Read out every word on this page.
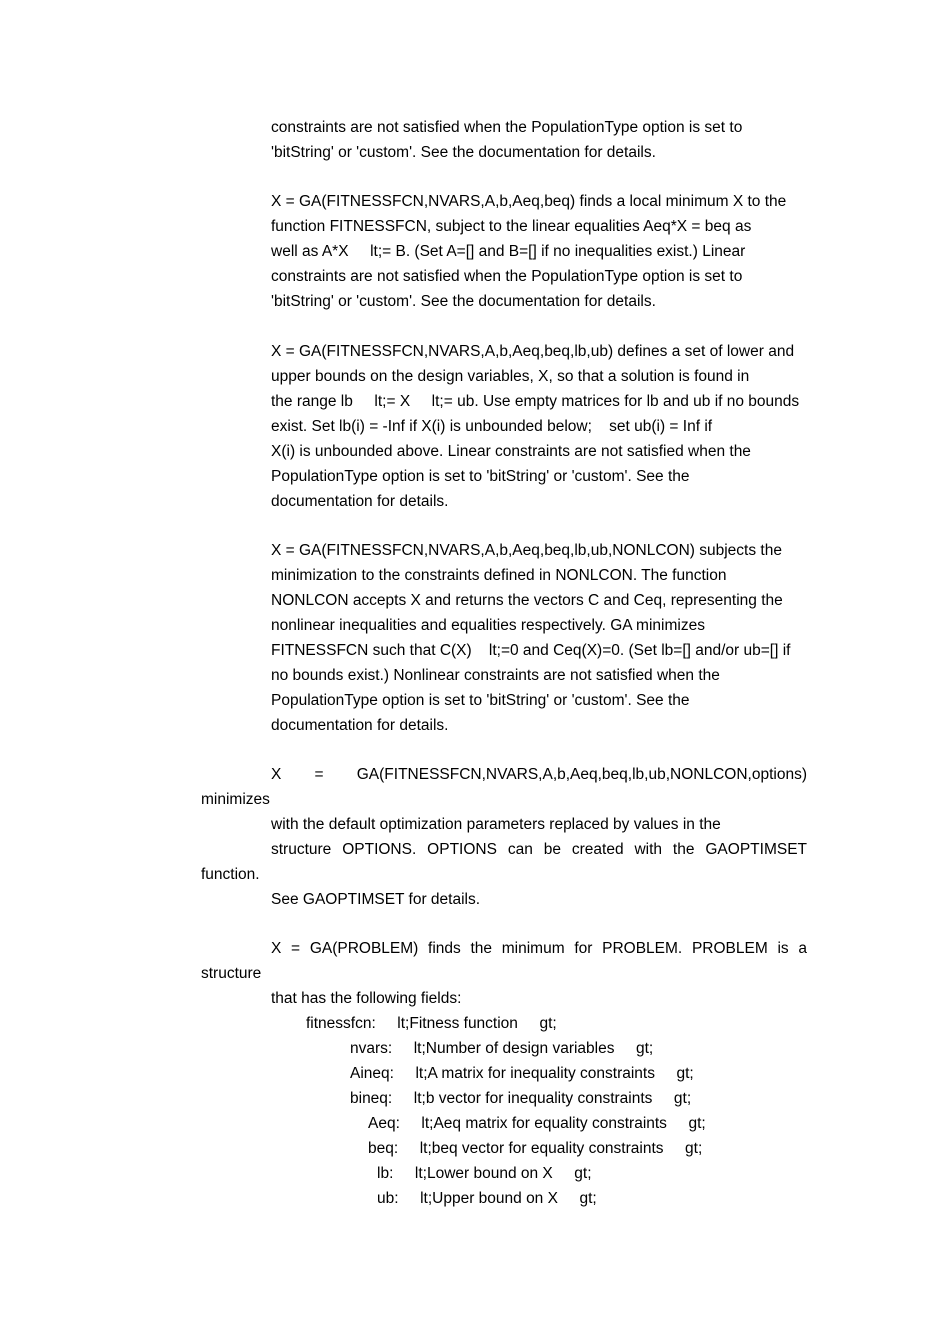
constraints are not satisfied when the PopulationType option is set to
'bitString' or 'custom'. See the documentation for details.
X = GA(FITNESSFCN,NVARS,A,b,Aeq,beq) finds a local minimum X to the
function FITNESSFCN, subject to the linear equalities Aeq*X = beq as
well as A*X     lt;= B. (Set A=[] and B=[] if no inequalities exist.) Linear
constraints are not satisfied when the PopulationType option is set to
'bitString' or 'custom'. See the documentation for details.
X = GA(FITNESSFCN,NVARS,A,b,Aeq,beq,lb,ub) defines a set of lower and
upper bounds on the design variables, X, so that a solution is found in
the range lb     lt;= X     lt;= ub. Use empty matrices for lb and ub if no bounds
exist. Set lb(i) = -Inf if X(i) is unbounded below;    set ub(i) = Inf if
X(i) is unbounded above. Linear constraints are not satisfied when the
PopulationType option is set to 'bitString' or 'custom'. See the
documentation for details.
X = GA(FITNESSFCN,NVARS,A,b,Aeq,beq,lb,ub,NONLCON) subjects the
minimization to the constraints defined in NONLCON. The function
NONLCON accepts X and returns the vectors C and Ceq, representing the
nonlinear inequalities and equalities respectively. GA minimizes
FITNESSFCN such that C(X)    lt;=0 and Ceq(X)=0. (Set lb=[] and/or ub=[] if
no bounds exist.) Nonlinear constraints are not satisfied when the
PopulationType option is set to 'bitString' or 'custom'. See the
documentation for details.
X = GA(FITNESSFCN,NVARS,A,b,Aeq,beq,lb,ub,NONLCON,options)
minimizes
with the default optimization parameters replaced by values in the
structure OPTIONS. OPTIONS can be created with the GAOPTIMSET
function.
See GAOPTIMSET for details.
X = GA(PROBLEM) finds the minimum for PROBLEM. PROBLEM is a
structure
that has the following fields:
fitnessfcn:     lt;Fitness function     gt;
nvars:     lt;Number of design variables     gt;
Aineq:     lt;A matrix for inequality constraints     gt;
bineq:     lt;b vector for inequality constraints     gt;
Aeq:     lt;Aeq matrix for equality constraints     gt;
beq:     lt;beq vector for equality constraints     gt;
lb:     lt;Lower bound on X     gt;
ub:     lt;Upper bound on X     gt;
